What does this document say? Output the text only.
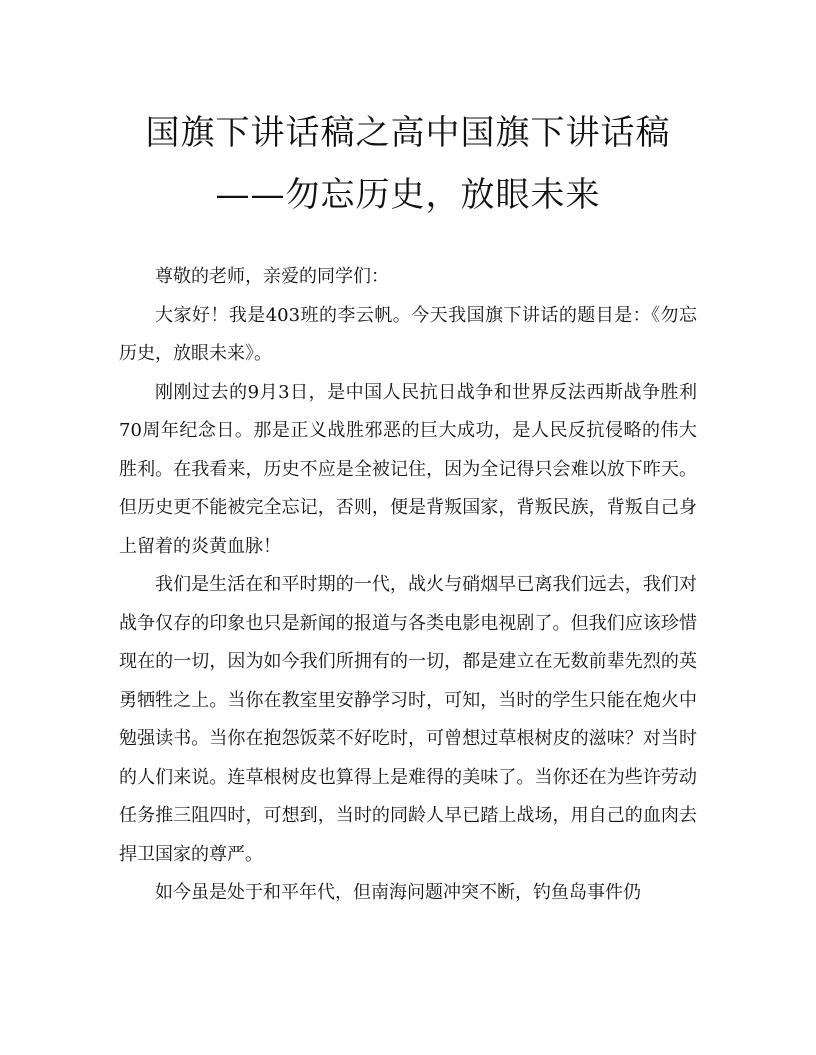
国旗下讲话稿之高中国旗下讲话稿
——勿忘历史，放眼未来

尊敬的老师，亲爱的同学们：

大家好！我是403班的李云帆。今天我国旗下讲话的题目是：《勿忘历史，放眼未来》。

刚刚过去的9月3日，是中国人民抗日战争和世界反法西斯战争胜利70周年纪念日。那是正义战胜邪恶的巨大成功，是人民反抗侵略的伟大胜利。在我看来，历史不应是全被记住，因为全记得只会难以放下昨天。但历史更不能被完全忘记，否则，便是背叛国家，背叛民族，背叛自己身上留着的炎黄血脉！

我们是生活在和平时期的一代，战火与硝烟早已离我们远去，我们对战争仅存的印象也只是新闻的报道与各类电影电视剧了。但我们应该珍惜现在的一切，因为如今我们所拥有的一切，都是建立在无数前辈先烈的英勇牺牲之上。当你在教室里安静学习时，可知，当时的学生只能在炮火中勉强读书。当你在抱怨饭菜不好吃时，可曾想过草根树皮的滋味？对当时的人们来说。连草根树皮也算得上是难得的美味了。当你还在为些许劳动任务推三阻四时，可想到，当时的同龄人早已踏上战场，用自己的血肉去捍卫国家的尊严。

如今虽是处于和平年代，但南海问题冲突不断，钓鱼岛事件仍
